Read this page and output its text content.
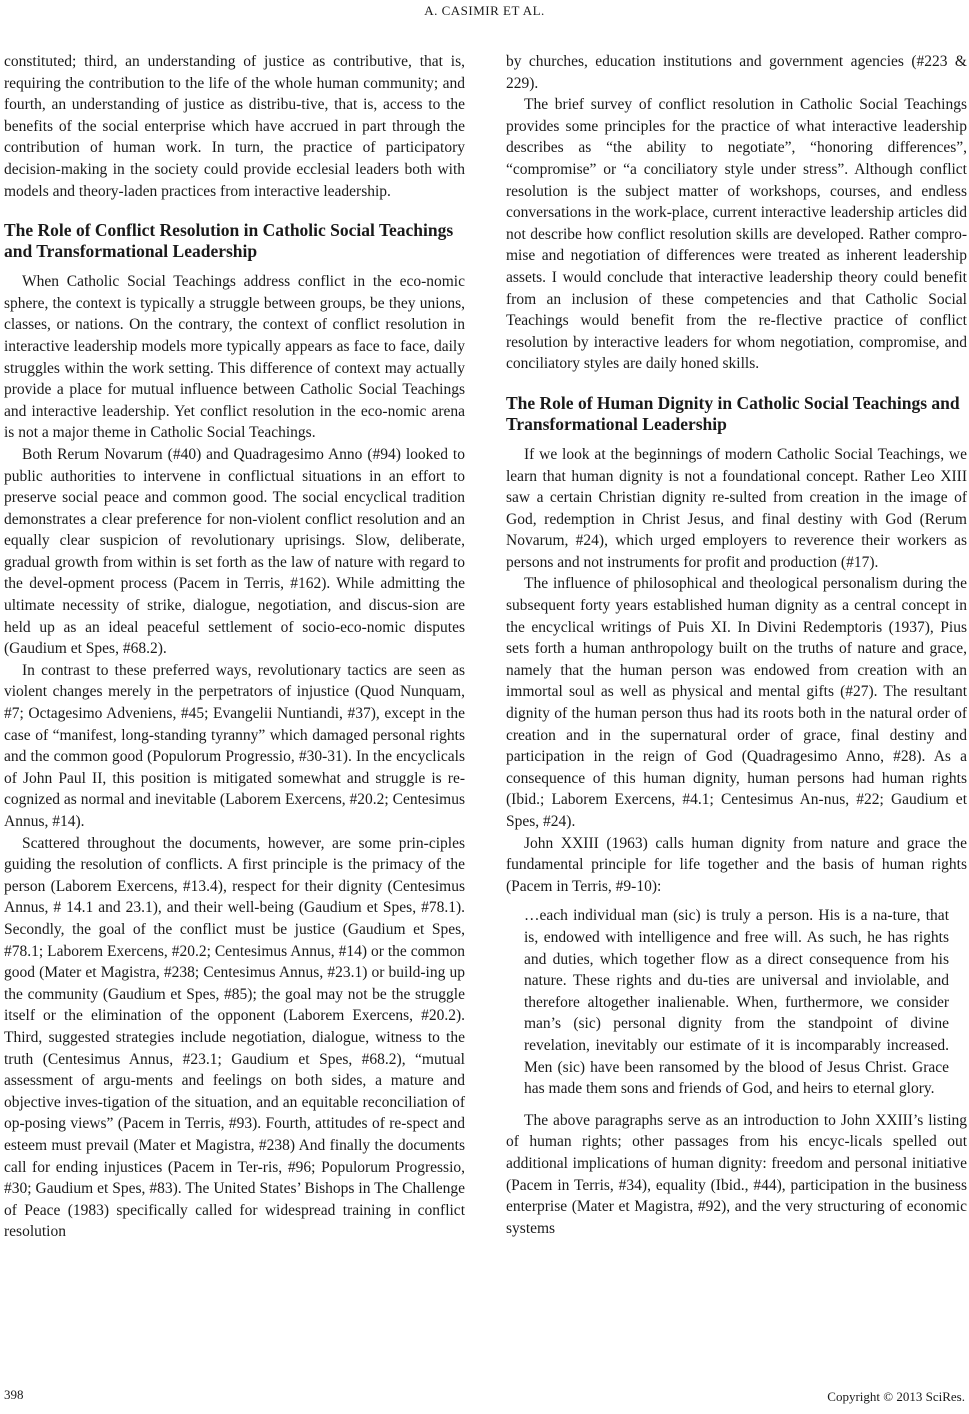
A. CASIMIR ET AL.

constituted; third, an understanding of justice as contributive, that is, requiring the contribution to the life of the whole human community; and fourth, an understanding of justice as distribu-tive, that is, access to the benefits of the social enterprise which have accrued in part through the contribution of human work. In turn, the practice of participatory decision-making in the society could provide ecclesial leaders both with models and theory-laden practices from interactive leadership.

The Role of Conflict Resolution in Catholic Social Teachings and Transformational Leadership

When Catholic Social Teachings address conflict in the eco-nomic sphere, the context is typically a struggle between groups, be they unions, classes, or nations. On the contrary, the context of conflict resolution in interactive leadership models more typically appears as face to face, daily struggles within the work setting. This difference of context may actually provide a place for mutual influence between Catholic Social Teachings and interactive leadership. Yet conflict resolution in the eco-nomic arena is not a major theme in Catholic Social Teachings.

Both Rerum Novarum (#40) and Quadragesimo Anno (#94) looked to public authorities to intervene in conflictual situations in an effort to preserve social peace and common good. The social encyclical tradition demonstrates a clear preference for non-violent conflict resolution and an equally clear suspicion of revolutionary uprisings. Slow, deliberate, gradual growth from within is set forth as the law of nature with regard to the devel-opment process (Pacem in Terris, #162). While admitting the ultimate necessity of strike, dialogue, negotiation, and discus-sion are held up as an ideal peaceful settlement of socio-eco-nomic disputes (Gaudium et Spes, #68.2).

In contrast to these preferred ways, revolutionary tactics are seen as violent changes merely in the perpetrators of injustice (Quod Nunquam, #7; Octagesimo Adveniens, #45; Evangelii Nuntiandi, #37), except in the case of “manifest, long-standing tyranny” which damaged personal rights and the common good (Populorum Progressio, #30-31). In the encyclicals of John Paul II, this position is mitigated somewhat and struggle is re-cognized as normal and inevitable (Laborem Exercens, #20.2; Centesimus Annus, #14).

Scattered throughout the documents, however, are some prin-ciples guiding the resolution of conflicts. A first principle is the primacy of the person (Laborem Exercens, #13.4), respect for their dignity (Centesimus Annus, # 14.1 and 23.1), and their well-being (Gaudium et Spes, #78.1). Secondly, the goal of the conflict must be justice (Gaudium et Spes, #78.1; Laborem Exercens, #20.2; Centesimus Annus, #14) or the common good (Mater et Magistra, #238; Centesimus Annus, #23.1) or build-ing up the community (Gaudium et Spes, #85); the goal may not be the struggle itself or the elimination of the opponent (Laborem Exercens, #20.2). Third, suggested strategies include negotiation, dialogue, witness to the truth (Centesimus Annus, #23.1; Gaudium et Spes, #68.2), “mutual assessment of argu-ments and feelings on both sides, a mature and objective inves-tigation of the situation, and an equitable reconciliation of op-posing views” (Pacem in Terris, #93). Fourth, attitudes of re-spect and esteem must prevail (Mater et Magistra, #238) And finally the documents call for ending injustices (Pacem in Ter-ris, #96; Populorum Progressio, #30; Gaudium et Spes, #83). The United States’ Bishops in The Challenge of Peace (1983) specifically called for widespread training in conflict resolution

by churches, education institutions and government agencies (#223 & 229).

The brief survey of conflict resolution in Catholic Social Teachings provides some principles for the practice of what interactive leadership describes as “the ability to negotiate”, “honoring differences”, “compromise” or “a conciliatory style under stress”. Although conflict resolution is the subject matter of workshops, courses, and endless conversations in the work-place, current interactive leadership articles did not describe how conflict resolution skills are developed. Rather compro-mise and negotiation of differences were treated as inherent leadership assets. I would conclude that interactive leadership theory could benefit from an inclusion of these competencies and that Catholic Social Teachings would benefit from the re-flective practice of conflict resolution by interactive leaders for whom negotiation, compromise, and conciliatory styles are daily honed skills.

The Role of Human Dignity in Catholic Social Teachings and Transformational Leadership

If we look at the beginnings of modern Catholic Social Teachings, we learn that human dignity is not a foundational concept. Rather Leo XIII saw a certain Christian dignity re-sulted from creation in the image of God, redemption in Christ Jesus, and final destiny with God (Rerum Novarum, #24), which urged employers to reverence their workers as persons and not instruments for profit and production (#17).

The influence of philosophical and theological personalism during the subsequent forty years established human dignity as a central concept in the encyclical writings of Puis XI. In Divini Redemptoris (1937), Pius sets forth a human anthropology built on the truths of nature and grace, namely that the human person was endowed from creation with an immortal soul as well as physical and mental gifts (#27). The resultant dignity of the human person thus had its roots both in the natural order of creation and in the supernatural order of grace, final destiny and participation in the reign of God (Quadragesimo Anno, #28). As a consequence of this human dignity, human persons had human rights (Ibid.; Laborem Exercens, #4.1; Centesimus An-nus, #22; Gaudium et Spes, #24).

John XXIII (1963) calls human dignity from nature and grace the fundamental principle for life together and the basis of human rights (Pacem in Terris, #9-10):

…each individual man (sic) is truly a person. His is a na-ture, that is, endowed with intelligence and free will. As such, he has rights and duties, which together flow as a direct consequence from his nature. These rights and du-ties are universal and inviolable, and therefore altogether inalienable. When, furthermore, we consider man’s (sic) personal dignity from the standpoint of divine revelation, inevitably our estimate of it is incomparably increased. Men (sic) have been ransomed by the blood of Jesus Christ. Grace has made them sons and friends of God, and heirs to eternal glory.

The above paragraphs serve as an introduction to John XXIII’s listing of human rights; other passages from his encyc-licals spelled out additional implications of human dignity: freedom and personal initiative (Pacem in Terris, #34), equality (Ibid., #44), participation in the business enterprise (Mater et Magistra, #92), and the very structuring of economic systems

398	Copyright © 2013 SciRes.
